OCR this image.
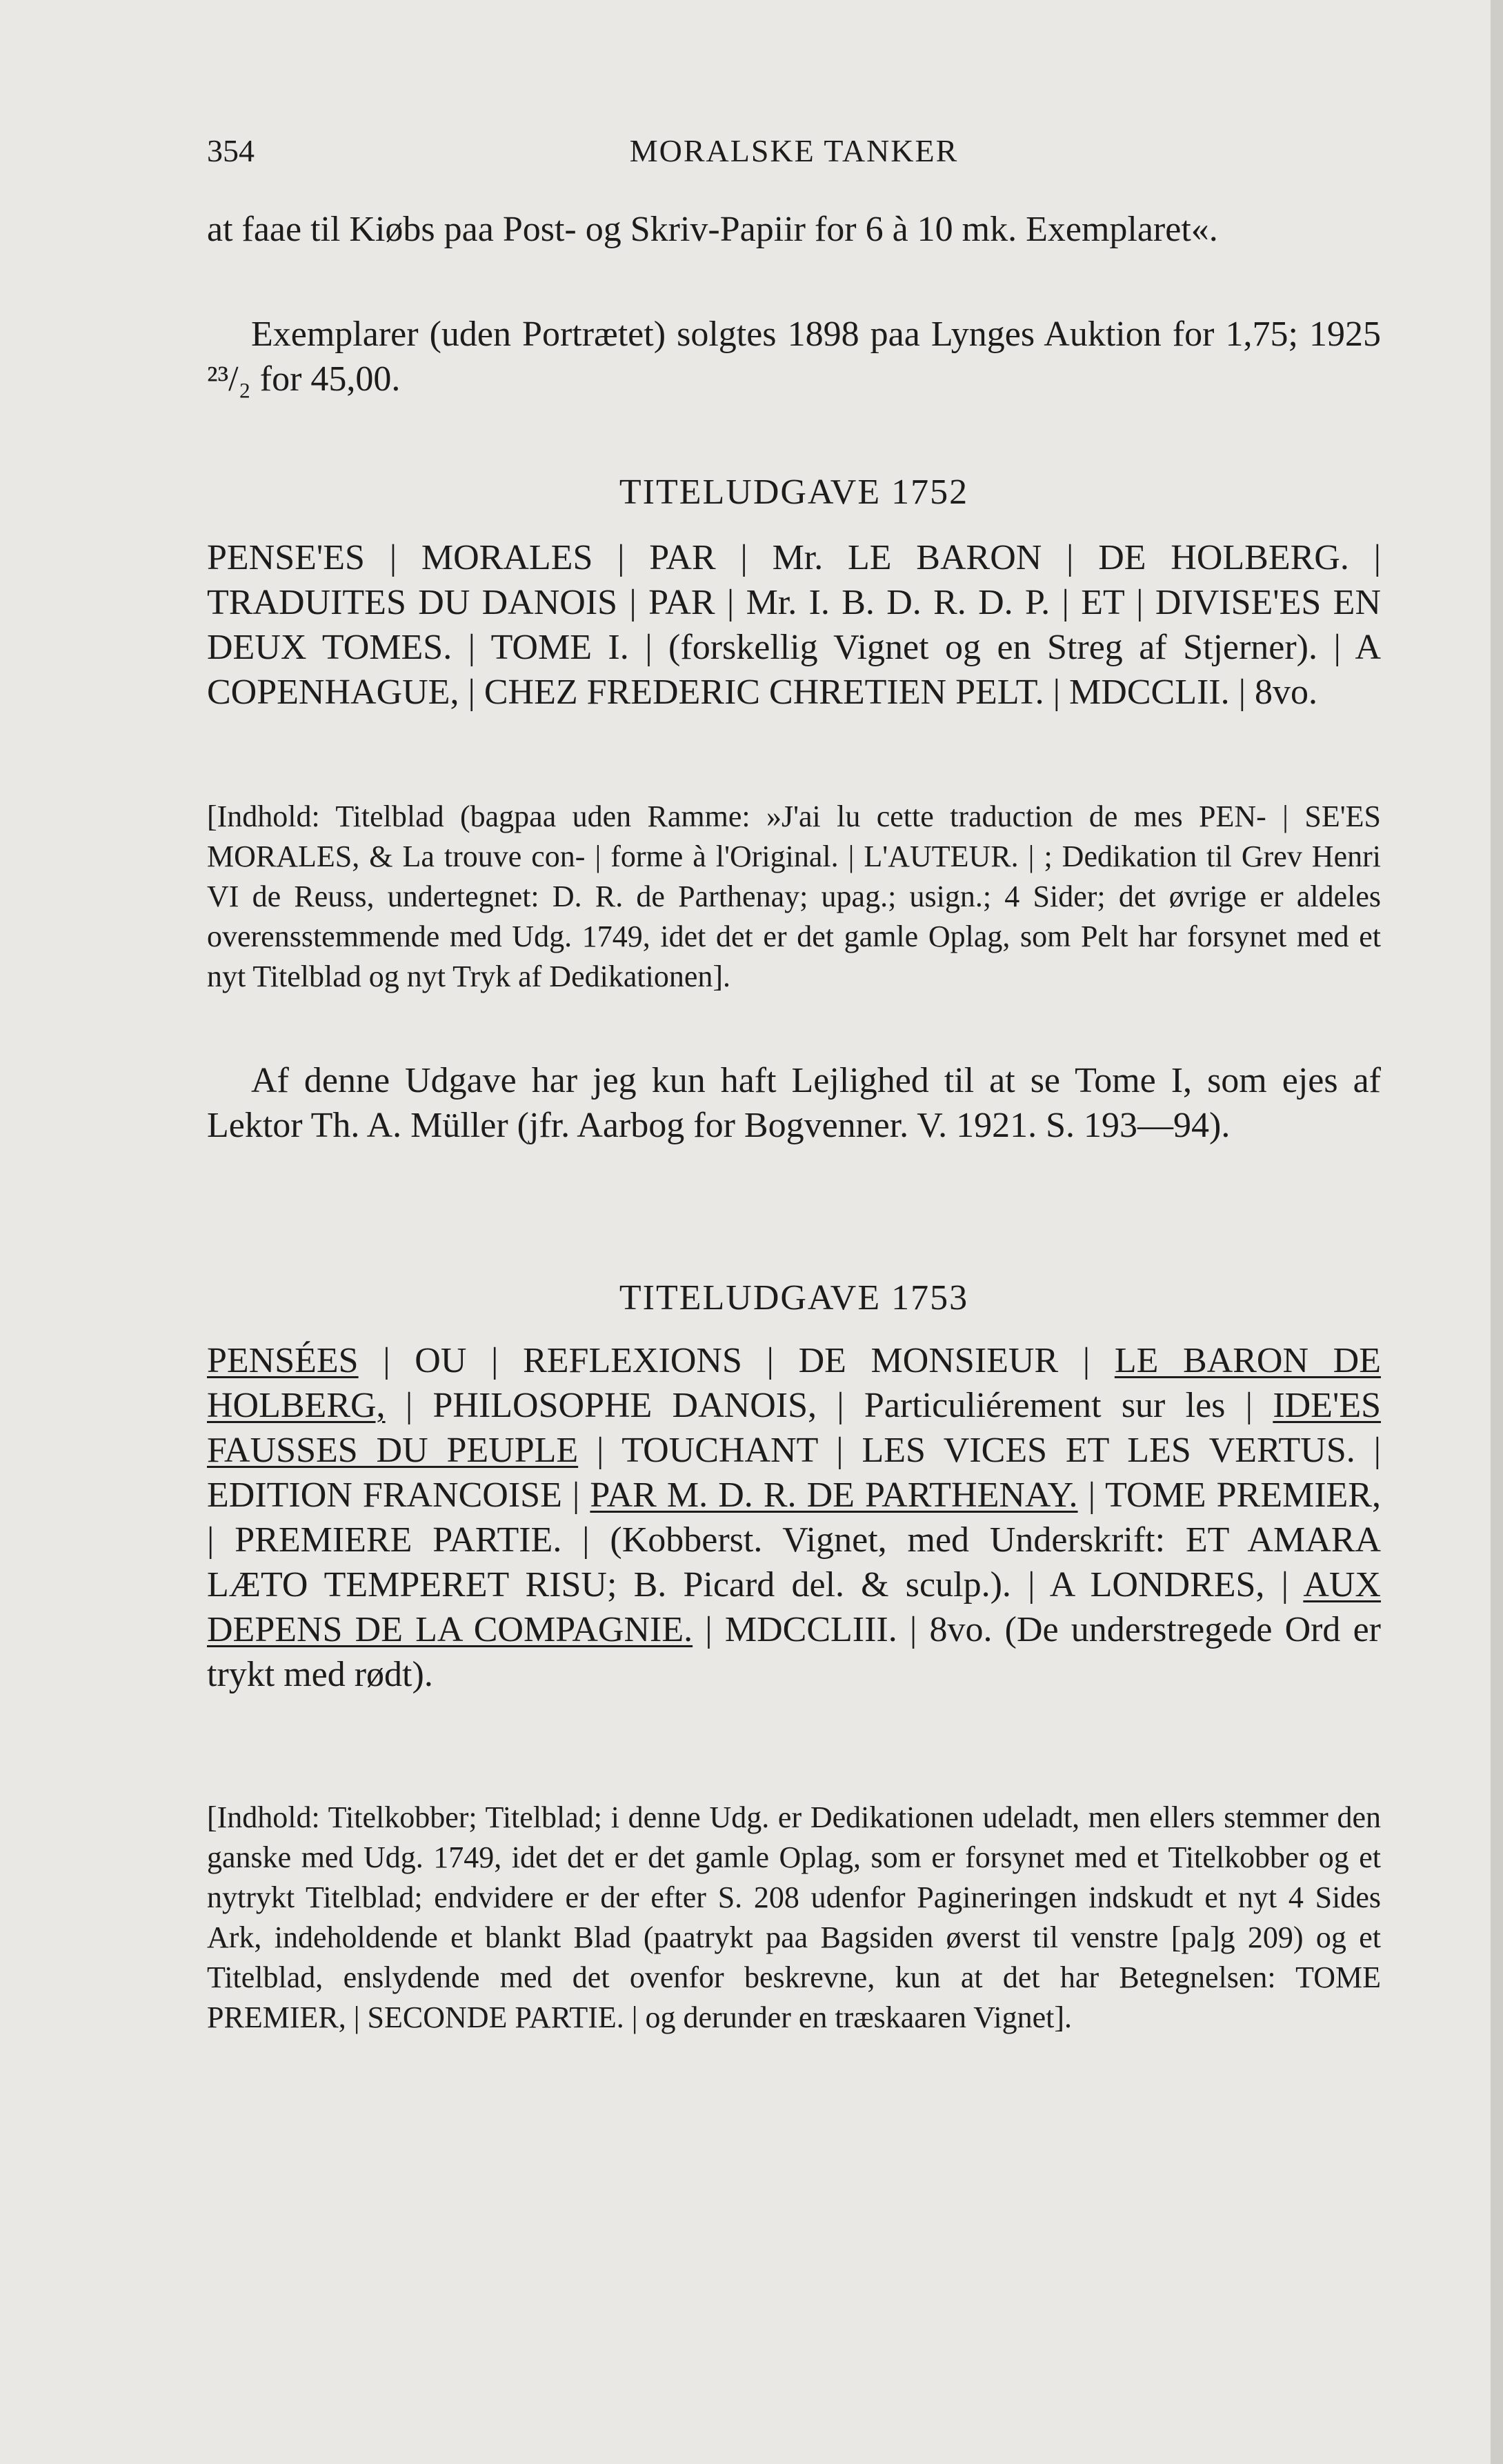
354	MORALSKE TANKER

at faae til Kiøbs paa Post- og Skriv-Papiir for 6 à 10 mk. Exemplaret«.

Exemplarer (uden Portrætet) solgtes 1898 paa Lynges Auktion for 1,75; 1925 ²³/₂ for 45,00.

TITELUDGAVE 1752

PENSE'ES | MORALES | PAR | Mr. LE BARON | DE HOLBERG. | TRADUITES DU DANOIS | PAR | Mr. I. B. D. R. D. P. | ET | DIVISE'ES EN DEUX TOMES. | TOME I. | (forskellig Vignet og en Streg af Stjerner). | A COPENHAGUE, | CHEZ FREDERIC CHRETIEN PELT. | MDCCLII. | 8vo.

[Indhold: Titelblad (bagpaa uden Ramme: »J'ai lu cette traduction de mes PEN- | SE'ES MORALES, & La trouve con- | forme à l'Original. | L'AUTEUR. | ; Dedikation til Grev Henri VI de Reuss, undertegnet: D. R. de Parthenay; upag.; usign.; 4 Sider; det øvrige er aldeles overensstemmende med Udg. 1749, idet det er det gamle Oplag, som Pelt har forsynet med et nyt Titelblad og nyt Tryk af Dedikationen].

Af denne Udgave har jeg kun haft Lejlighed til at se Tome I, som ejes af Lektor Th. A. Müller (jfr. Aarbog for Bogvenner. V. 1921. S. 193—94).

TITELUDGAVE 1753

PENSÉES | OU | REFLEXIONS | DE MONSIEUR | LE BARON DE HOLBERG, | PHILOSOPHE DANOIS, | Particuliérement sur les | IDE'ES FAUSSES DU PEUPLE | TOUCHANT | LES VICES ET LES VERTUS. | EDITION FRANCOISE | PAR M. D. R. DE PARTHENAY. | TOME PREMIER, | PREMIERE PARTIE. | (Kobberst. Vignet, med Underskrift: ET AMARA LÆTO TEMPERET RISU; B. Picard del. & sculp.). | A LONDRES, | AUX DEPENS DE LA COMPAGNIE. | MDCCLIII. | 8vo. (De understregede Ord er trykt med rødt).

[Indhold: Titelkobber; Titelblad; i denne Udg. er Dedikationen udeladt, men ellers stemmer den ganske med Udg. 1749, idet det er det gamle Oplag, som er forsynet med et Titelkobber og et nytrykt Titelblad; endvidere er der efter S. 208 udenfor Pagineringen indskudt et nyt 4 Sides Ark, indeholdende et blankt Blad (paatrykt paa Bagsiden øverst til venstre [pa]g 209) og et Titelblad, enslydende med det ovenfor beskrevne, kun at det har Betegnelsen: TOME PREMIER, | SECONDE PARTIE. | og derunder en træskaaren Vignet].
